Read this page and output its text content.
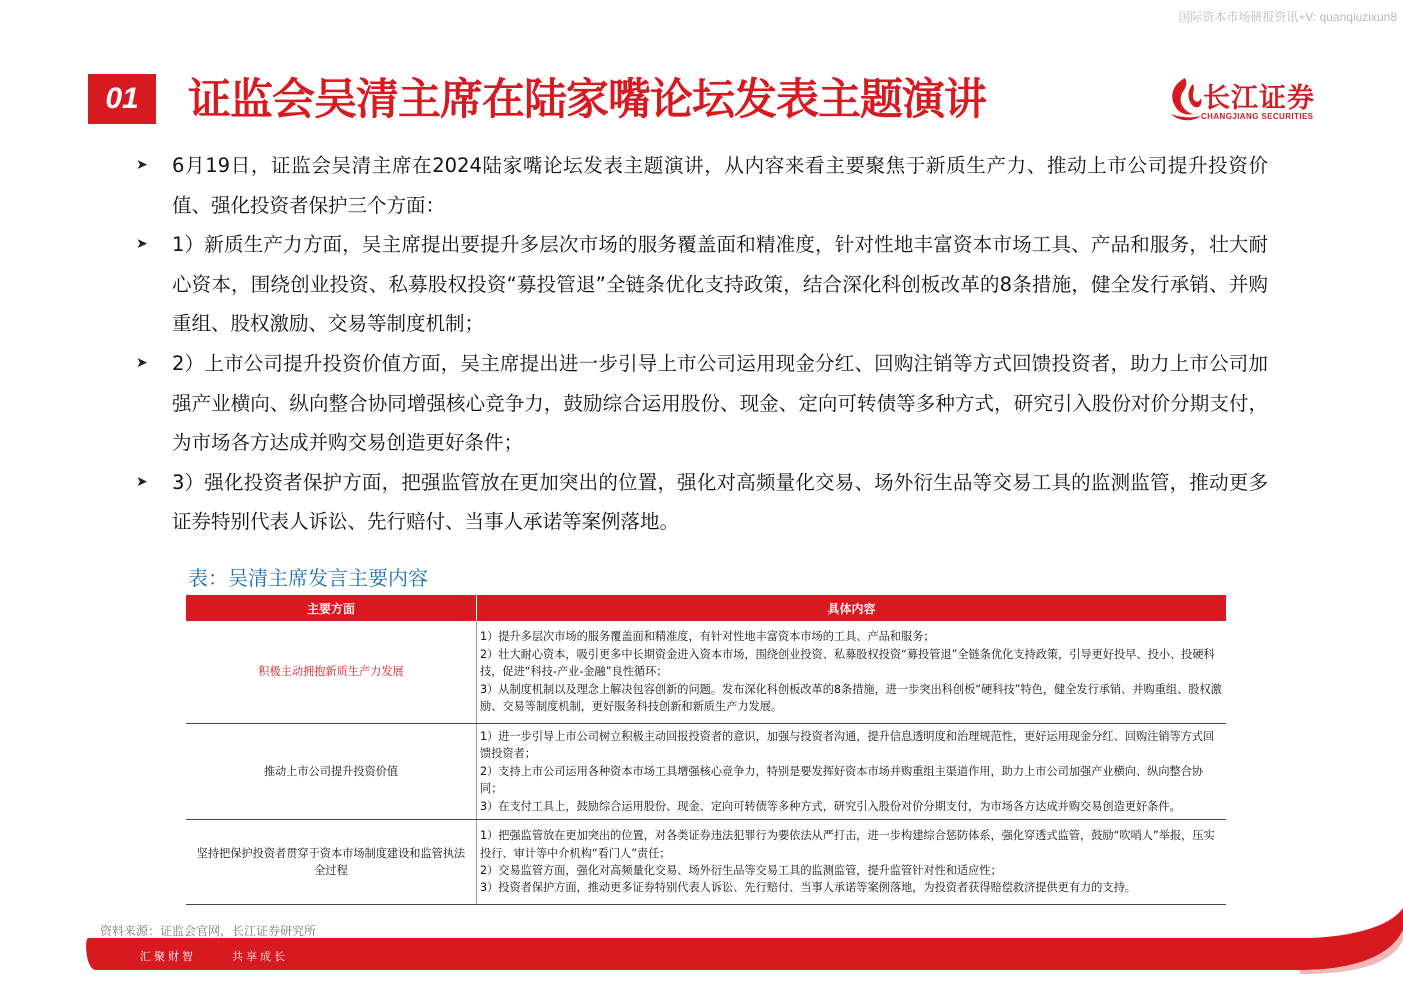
国际资本市场研报资讯+V: quanqiuzixun8
01	证监会吴清主席在陆家嘴论坛发表主题演讲	长江证券
CHANGJIANG SECURITIES
➤	6月19日，证监会吴清主席在2024陆家嘴论坛发表主题演讲，从内容来看主要聚焦于新质生产力、推动上市公司提升投资价值、强化投资者保护三个方面：
➤	1）新质生产力方面，吴主席提出要提升多层次市场的服务覆盖面和精准度，针对性地丰富资本市场工具、产品和服务，壮大耐心资本，围绕创业投资、私募股权投资“募投管退”全链条优化支持政策，结合深化科创板改革的8条措施，健全发行承销、并购重组、股权激励、交易等制度机制；
➤	2）上市公司提升投资价值方面，吴主席提出进一步引导上市公司运用现金分红、回购注销等方式回馈投资者，助力上市公司加强产业横向、纵向整合协同增强核心竞争力，鼓励综合运用股份、现金、定向可转债等多种方式，研究引入股份对价分期支付，为市场各方达成并购交易创造更好条件；
➤	3）强化投资者保护方面，把强监管放在更加突出的位置，强化对高频量化交易、场外衍生品等交易工具的监测监管，推动更多证券特别代表人诉讼、先行赔付、当事人承诺等案例落地。
表：吴清主席发言主要内容
主要方面	具体内容
积极主动拥抱新质生产力发展	1）提升多层次市场的服务覆盖面和精准度，有针对性地丰富资本市场的工具、产品和服务；
2）壮大耐心资本，吸引更多中长期资金进入资本市场，围绕创业投资、私募股权投资“募投管退”全链条优化支持政策，引导更好投早、投小、投硬科技，促进“科技-产业-金融”良性循环；
3）从制度机制以及理念上解决包容创新的问题。发布深化科创板改革的8条措施，进一步突出科创板“硬科技”特色，健全发行承销、并购重组、股权激励、交易等制度机制，更好服务科技创新和新质生产力发展。

推动上市公司提升投资价值	1）进一步引导上市公司树立积极主动回报投资者的意识，加强与投资者沟通，提升信息透明度和治理规范性，更好运用现金分红、回购注销等方式回馈投资者；
2）支持上市公司运用各种资本市场工具增强核心竞争力，特别是要发挥好资本市场并购重组主渠道作用，助力上市公司加强产业横向、纵向整合协同；
3）在支付工具上，鼓励综合运用股份、现金、定向可转债等多种方式，研究引入股份对价分期支付，为市场各方达成并购交易创造更好条件。

坚持把保护投资者贯穿于资本市场制度建设和监管执法全过程	1）把强监管放在更加突出的位置，对各类证券违法犯罪行为要依法从严打击，进一步构建综合惩防体系，强化穿透式监管，鼓励“吹哨人”举报，压实投行、审计等中介机构“看门人”责任；
2）交易监管方面，强化对高频量化交易、场外衍生品等交易工具的监测监管，提升监管针对性和适应性；
3）投资者保护方面，推动更多证券特别代表人诉讼、先行赔付、当事人承诺等案例落地，为投资者获得赔偿救济提供更有力的支持。
资料来源：证监会官网，长江证券研究所
汇聚财智	共享成长
